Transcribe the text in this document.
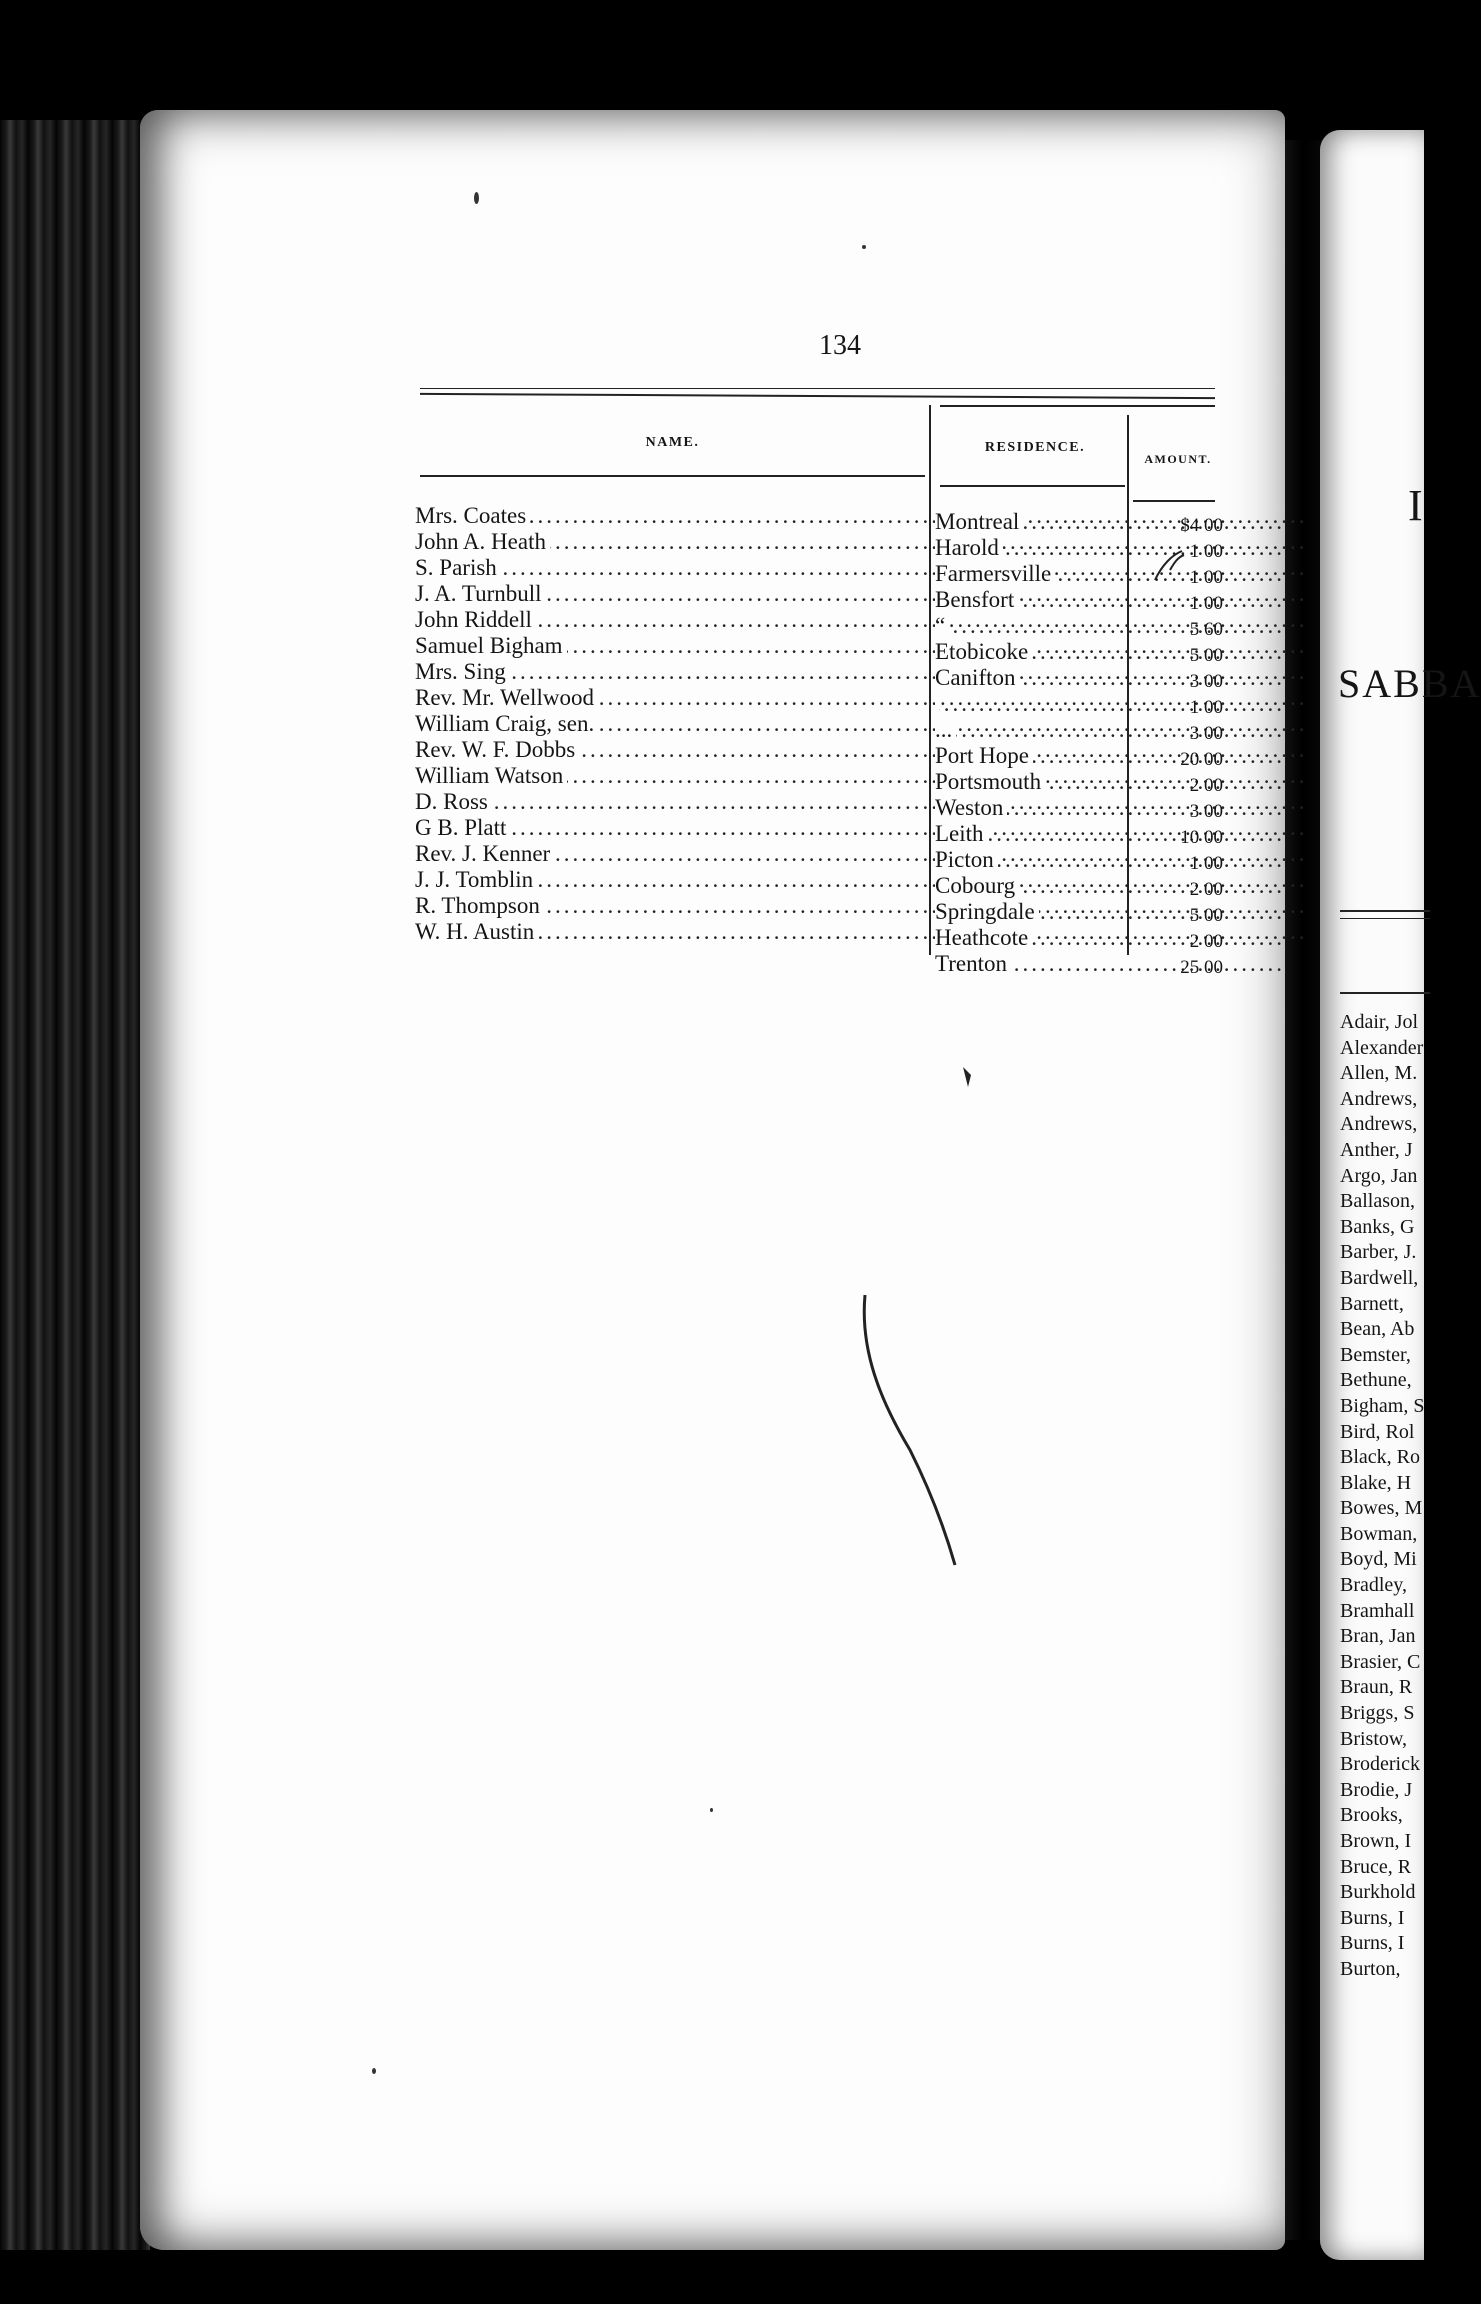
134
NAME.	RESIDENCE.
AMOUNT.
Mrs. Coates .....	Montreal .....	$4 00
John A. Heath .....	Harold .....	1 00
S. Parish .....	Farmersville .....	1 00
J. A. Turnbull .....	Bensfort .....	1 00
John Riddell .....	“ .....	5 60
Samuel Bigham .....	Etobicoke .....	5 00
Mrs. Sing .....	Canifton .....	3 00
Rev. Mr. Wellwood .....
.....	1 00
William Craig, sen. .....	... .....	3 00
Rev. W. F. Dobbs .....	Port Hope .....	20 00
William Watson .....	Portsmouth .....	2 00
D. Ross .....	Weston .....	3 00
G B. Platt .....	Leith .....	10 00
Rev. J. Kenner .....	Picton .....	1 00
J. J. Tomblin .....	Cobourg .....	2 00
R. Thompson .....	Springdale .....	5 00
W. H. Austin .....	Heathcote .....	2 00
Trenton .....	25 00
I
SABBA
Adair, Jol
Alexander
Allen, M.
Andrews,
Andrews,
Anther, J
Argo, Jan
Ballason,
Banks, G
Barber, J.
Bardwell,
Barnett,
Bean, Ab
Bemster,
Bethune,
Bigham, S
Bird, Rol
Black, Ro
Blake, H
Bowes, M
Bowman,
Boyd, Mi
Bradley,
Bramhall
Bran, Jan
Brasier, C
Braun, R
Briggs, S
Bristow,
Broderick
Brodie, J
Brooks,
Brown, I
Bruce, R
Burkhold
Burns, I
Burns, I
Burton,
